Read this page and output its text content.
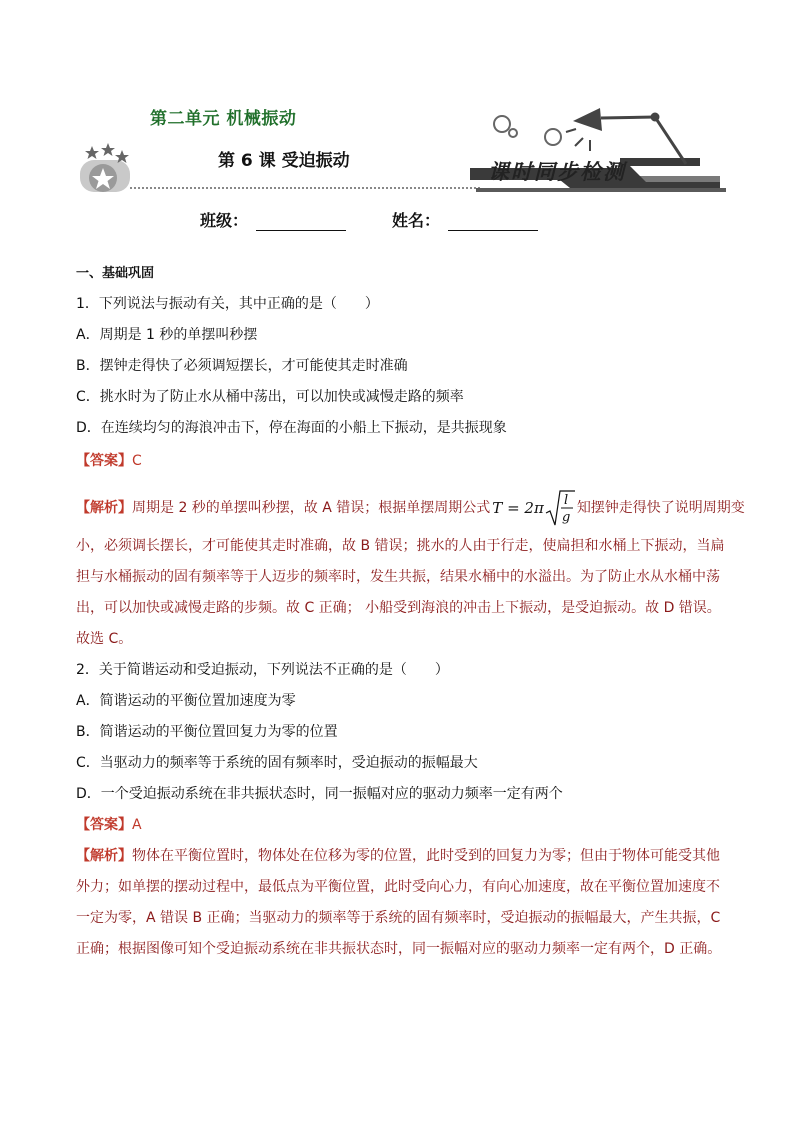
第二单元 机械振动
第 6 课 受迫振动	课时同步检测
班级：	姓名：
一、基础巩固
1．下列说法与振动有关，其中正确的是（　　）
A．周期是 1 秒的单摆叫秒摆
B．摆钟走得快了必须调短摆长，才可能使其走时准确
C．挑水时为了防止水从桶中荡出，可以加快或减慢走路的频率
D．在连续均匀的海浪冲击下，停在海面的小船上下振动，是共振现象
【答案】C
【解析】 周期是 2 秒的单摆叫秒摆，故 A 错误；根据单摆周期公式 T = 2π l
g
知摆钟走得快了说明周期变
小，必须调长摆长，才可能使其走时准确，故 B 错误；挑水的人由于行走，使扁担和水桶上下振动，当扁
担与水桶振动的固有频率等于人迈步的频率时，发生共振，结果水桶中的水溢出。为了防止水从水桶中荡
出，可以加快或减慢走路的步频。故 C 正确； 小船受到海浪的冲击上下振动，是受迫振动。故 D 错误。
故选 C。
2．关于简谐运动和受迫振动，下列说法不正确的是（　　）
A．简谐运动的平衡位置加速度为零
B．简谐运动的平衡位置回复力为零的位置
C．当驱动力的频率等于系统的固有频率时，受迫振动的振幅最大
D．一个受迫振动系统在非共振状态时，同一振幅对应的驱动力频率一定有两个
【答案】A
【解析】物体在平衡位置时，物体处在位移为零的位置，此时受到的回复力为零；但由于物体可能受其他
外力；如单摆的摆动过程中，最低点为平衡位置，此时受向心力，有向心加速度，故在平衡位置加速度不
一定为零，A 错误 B 正确；当驱动力的频率等于系统的固有频率时，受迫振动的振幅最大，产生共振，C
正确；根据图像可知个受迫振动系统在非共振状态时，同一振幅对应的驱动力频率一定有两个，D 正确。
